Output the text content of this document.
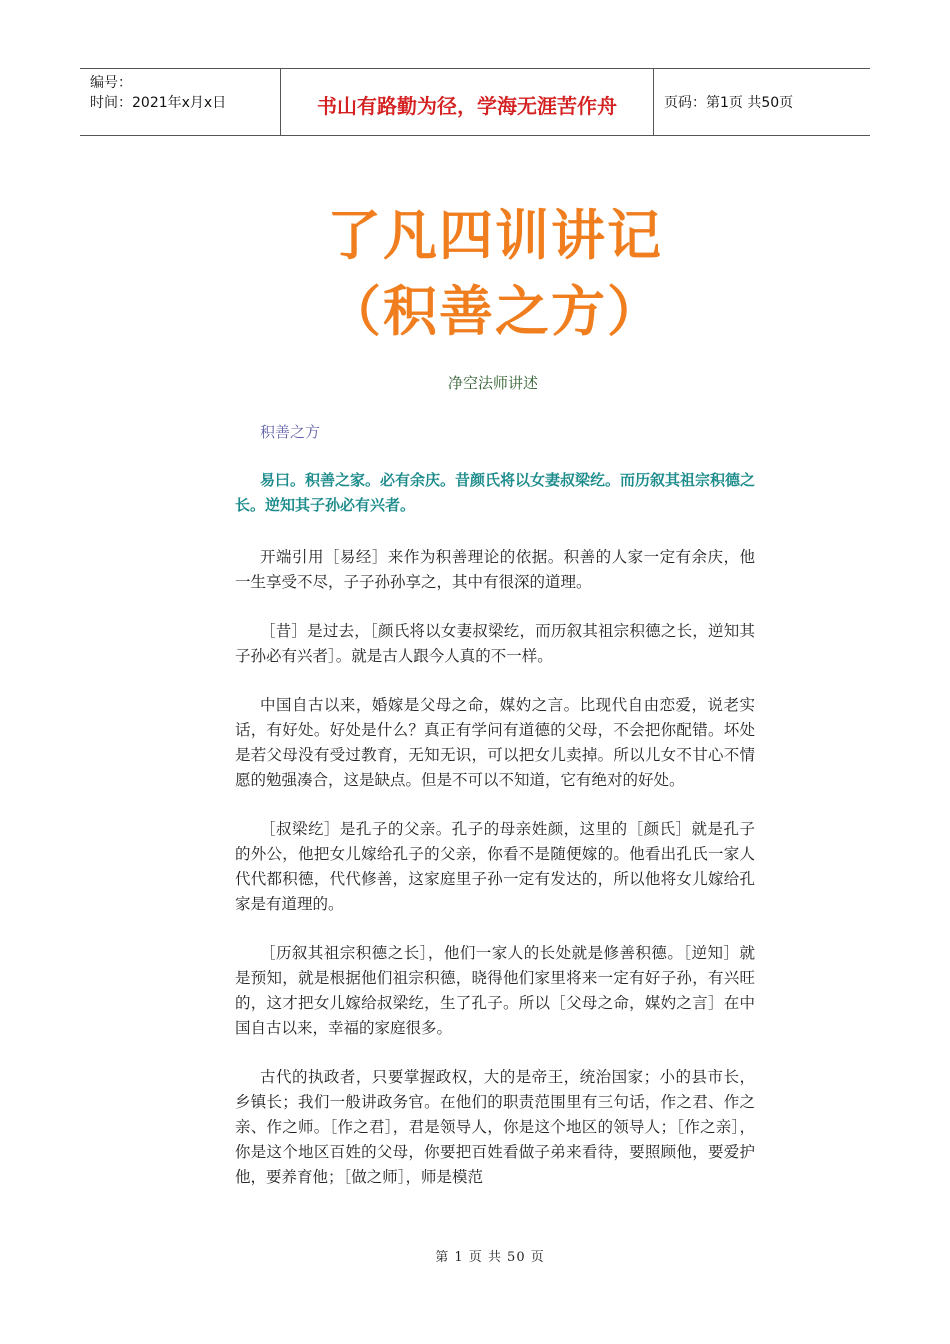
编号：
时间：2021年x月x日	书山有路勤为径，学海无涯苦作舟	页码：第1页 共50页
了凡四训讲记
（积善之方）
净空法师讲述
积善之方
易曰。积善之家。必有余庆。昔颜氏将以女妻叔梁纥。而历叙其祖宗积德之长。逆知其子孙必有兴者。

开端引用［易经］来作为积善理论的依据。积善的人家一定有余庆，他一生享受不尽，子子孙孙享之，其中有很深的道理。

［昔］是过去，［颜氏将以女妻叔梁纥，而历叙其祖宗积德之长，逆知其子孙必有兴者］。就是古人跟今人真的不一样。

中国自古以来，婚嫁是父母之命，媒妁之言。比现代自由恋爱，说老实话，有好处。好处是什么？真正有学问有道德的父母，不会把你配错。坏处是若父母没有受过教育，无知无识，可以把女儿卖掉。所以儿女不甘心不情愿的勉强凑合，这是缺点。但是不可以不知道，它有绝对的好处。

［叔梁纥］是孔子的父亲。孔子的母亲姓颜，这里的［颜氏］就是孔子的外公，他把女儿嫁给孔子的父亲，你看不是随便嫁的。他看出孔氏一家人代代都积德，代代修善，这家庭里子孙一定有发达的，所以他将女儿嫁给孔家是有道理的。

［历叙其祖宗积德之长］，他们一家人的长处就是修善积德。［逆知］就是预知，就是根据他们祖宗积德，晓得他们家里将来一定有好子孙，有兴旺的，这才把女儿嫁给叔梁纥，生了孔子。所以［父母之命，媒妁之言］在中国自古以来，幸福的家庭很多。

古代的执政者，只要掌握政权，大的是帝王，统治国家；小的县市长，乡镇长；我们一般讲政务官。在他们的职责范围里有三句话，作之君、作之亲、作之师。［作之君］，君是领导人，你是这个地区的领导人；［作之亲］，你是这个地区百姓的父母，你要把百姓看做子弟来看待，要照顾他，要爱护他，要养育他；［做之师］，师是模范

第 1 页 共 50 页
